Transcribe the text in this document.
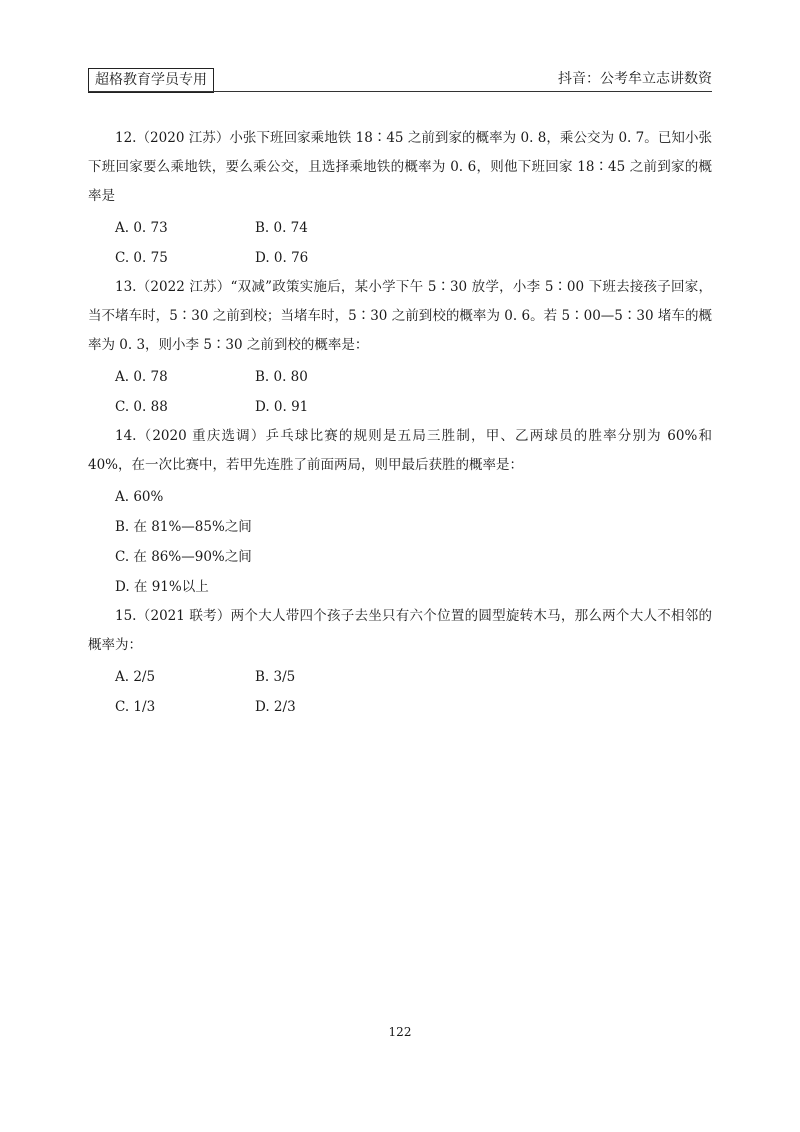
超格教育学员专用	抖音：公考牟立志讲数资

12.（2020 江苏）小张下班回家乘地铁 18∶45 之前到家的概率为 0. 8，乘公交为 0. 7。已知小张下班回家要么乘地铁，要么乘公交，且选择乘地铁的概率为 0. 6，则他下班回家 18∶45 之前到家的概率是

A. 0. 73	B. 0. 74
C. 0. 75	D. 0. 76

13.（2022 江苏）“双减”政策实施后，某小学下午 5∶30 放学，小李 5∶00 下班去接孩子回家，当不堵车时，5∶30 之前到校；当堵车时，5∶30 之前到校的概率为 0. 6。若 5∶00—5∶30 堵车的概率为 0. 3，则小李 5∶30 之前到校的概率是：

A. 0. 78	B. 0. 80
C. 0. 88	D. 0. 91

14.（2020 重庆选调）乒乓球比赛的规则是五局三胜制，甲、乙两球员的胜率分别为 60%和 40%，在一次比赛中，若甲先连胜了前面两局，则甲最后获胜的概率是：

A. 60%
B. 在 81%—85%之间
C. 在 86%—90%之间
D. 在 91%以上

15.（2021 联考）两个大人带四个孩子去坐只有六个位置的圆型旋转木马，那么两个大人不相邻的概率为：

A. 2/5	B. 3/5
C. 1/3	D. 2/3
122
